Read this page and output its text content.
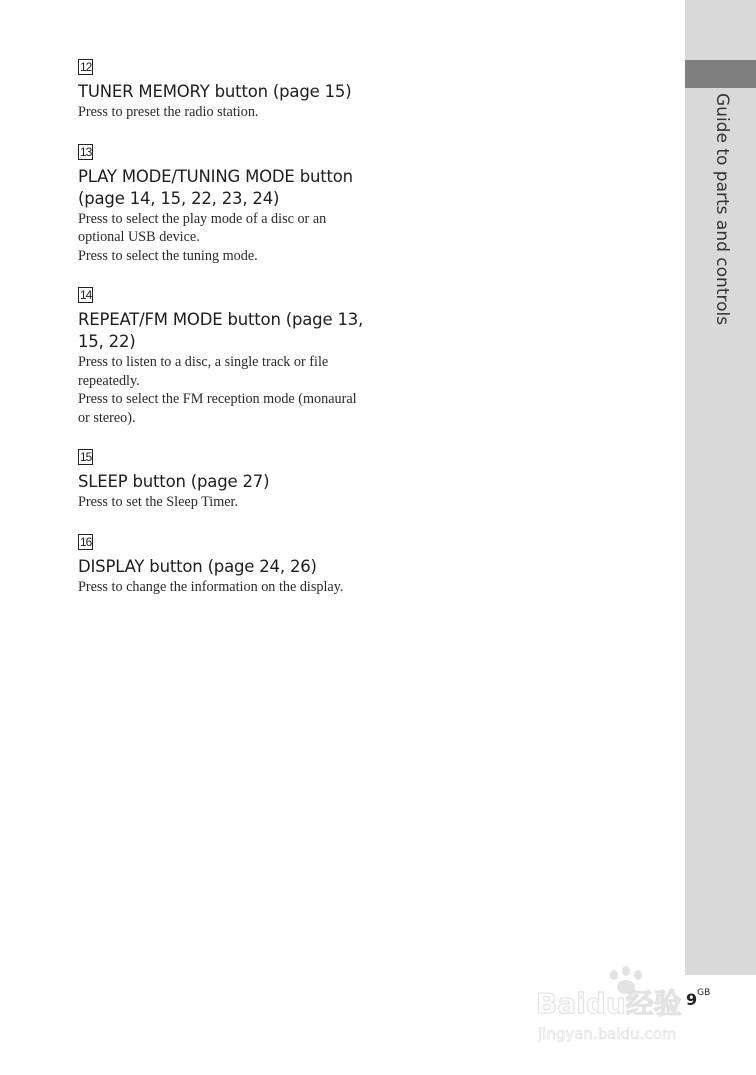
Guide to parts and controls
12
TUNER MEMORY button (page 15)
Press to preset the radio station.
13
PLAY MODE/TUNING MODE button (page 14, 15, 22, 23, 24)
Press to select the play mode of a disc or an optional USB device.
Press to select the tuning mode.
14
REPEAT/FM MODE button (page 13, 15, 22)
Press to listen to a disc, a single track or file repeatedly.
Press to select the FM reception mode (monaural or stereo).
15
SLEEP button (page 27)
Press to set the Sleep Timer.
16
DISPLAY button (page 24, 26)
Press to change the information on the display.
$9^{GB}$
Baidu经验
jingyan.baidu.com
